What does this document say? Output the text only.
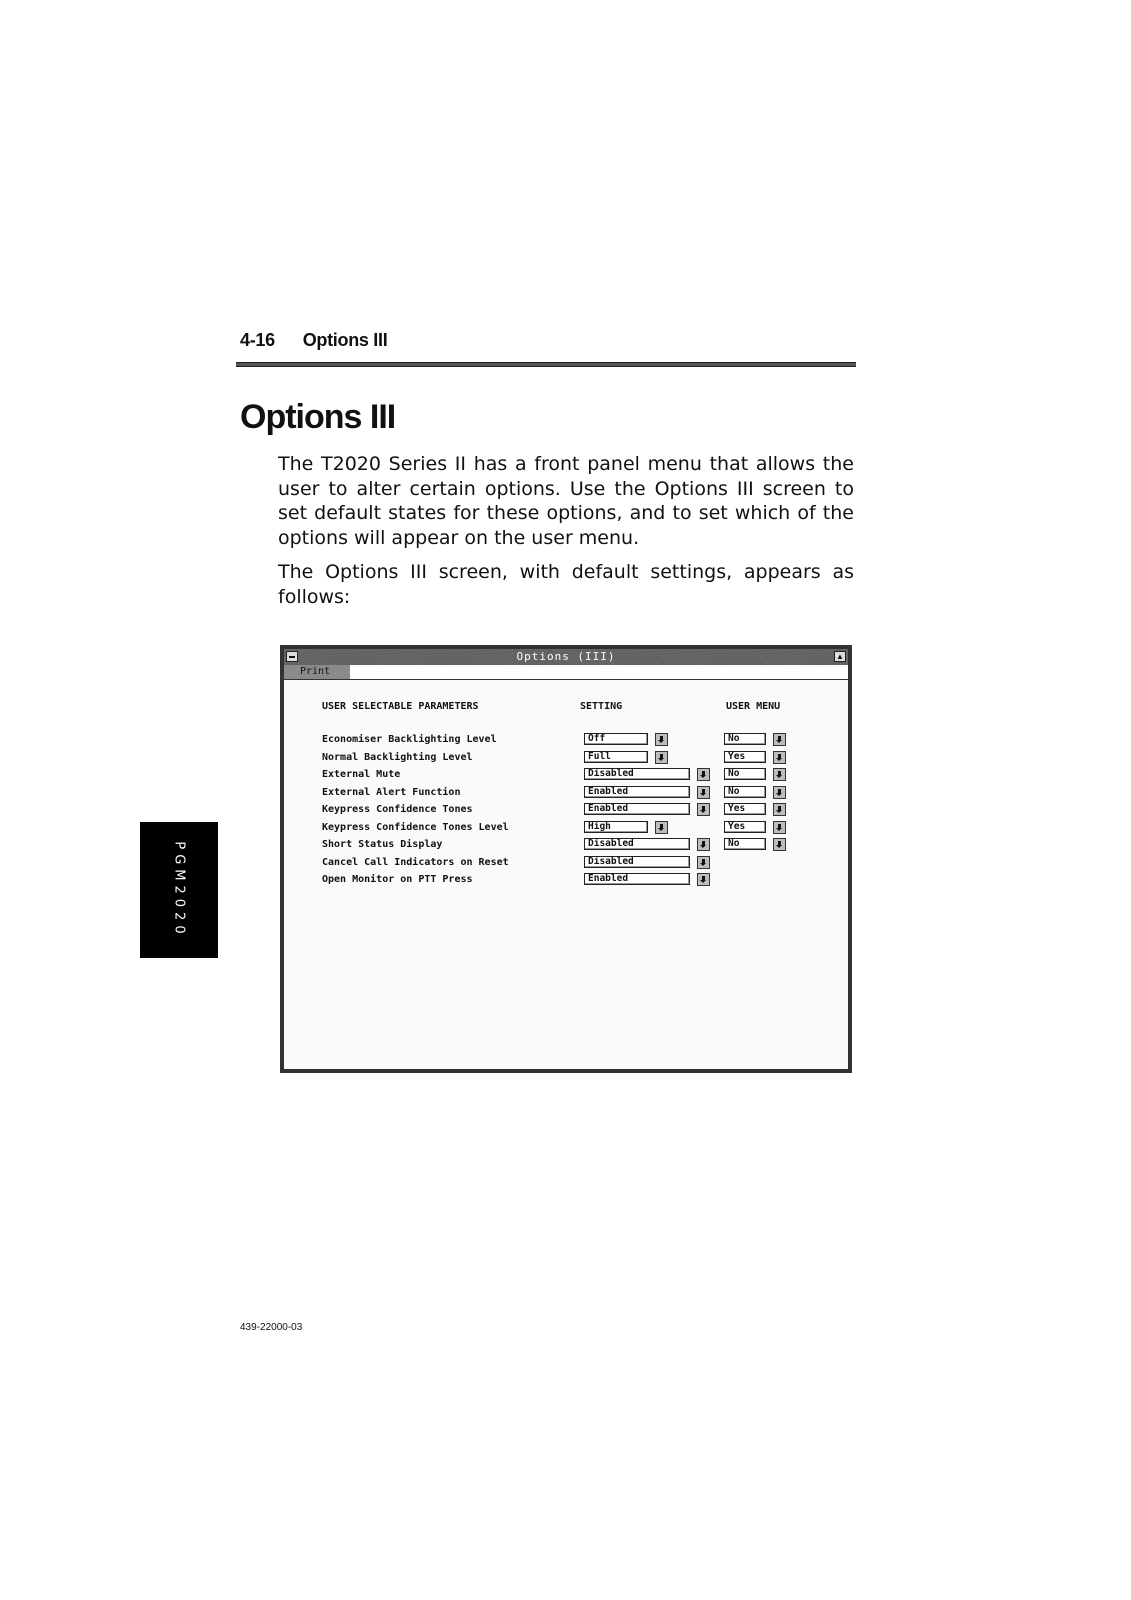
4-16 Options III
Options III

The T2020 Series II has a front panel menu that allows the user to alter certain options. Use the Options III screen to set default states for these options, and to set which of the options will appear on the user menu.

The Options III screen, with default settings, appears as follows:

PGM2020
Options (III)	▲
Print
USER SELECTABLE PARAMETERS	SETTING	USER MENU
Economiser Backlighting Level	Off	No
Normal Backlighting Level	Full	Yes
External Mute	Disabled	No
External Alert Function	Enabled	No
Keypress Confidence Tones	Enabled	Yes
Keypress Confidence Tones Level	High	Yes
Short Status Display	Disabled	No
Cancel Call Indicators on Reset	Disabled
Open Monitor on PTT Press	Enabled
439-22000-03
